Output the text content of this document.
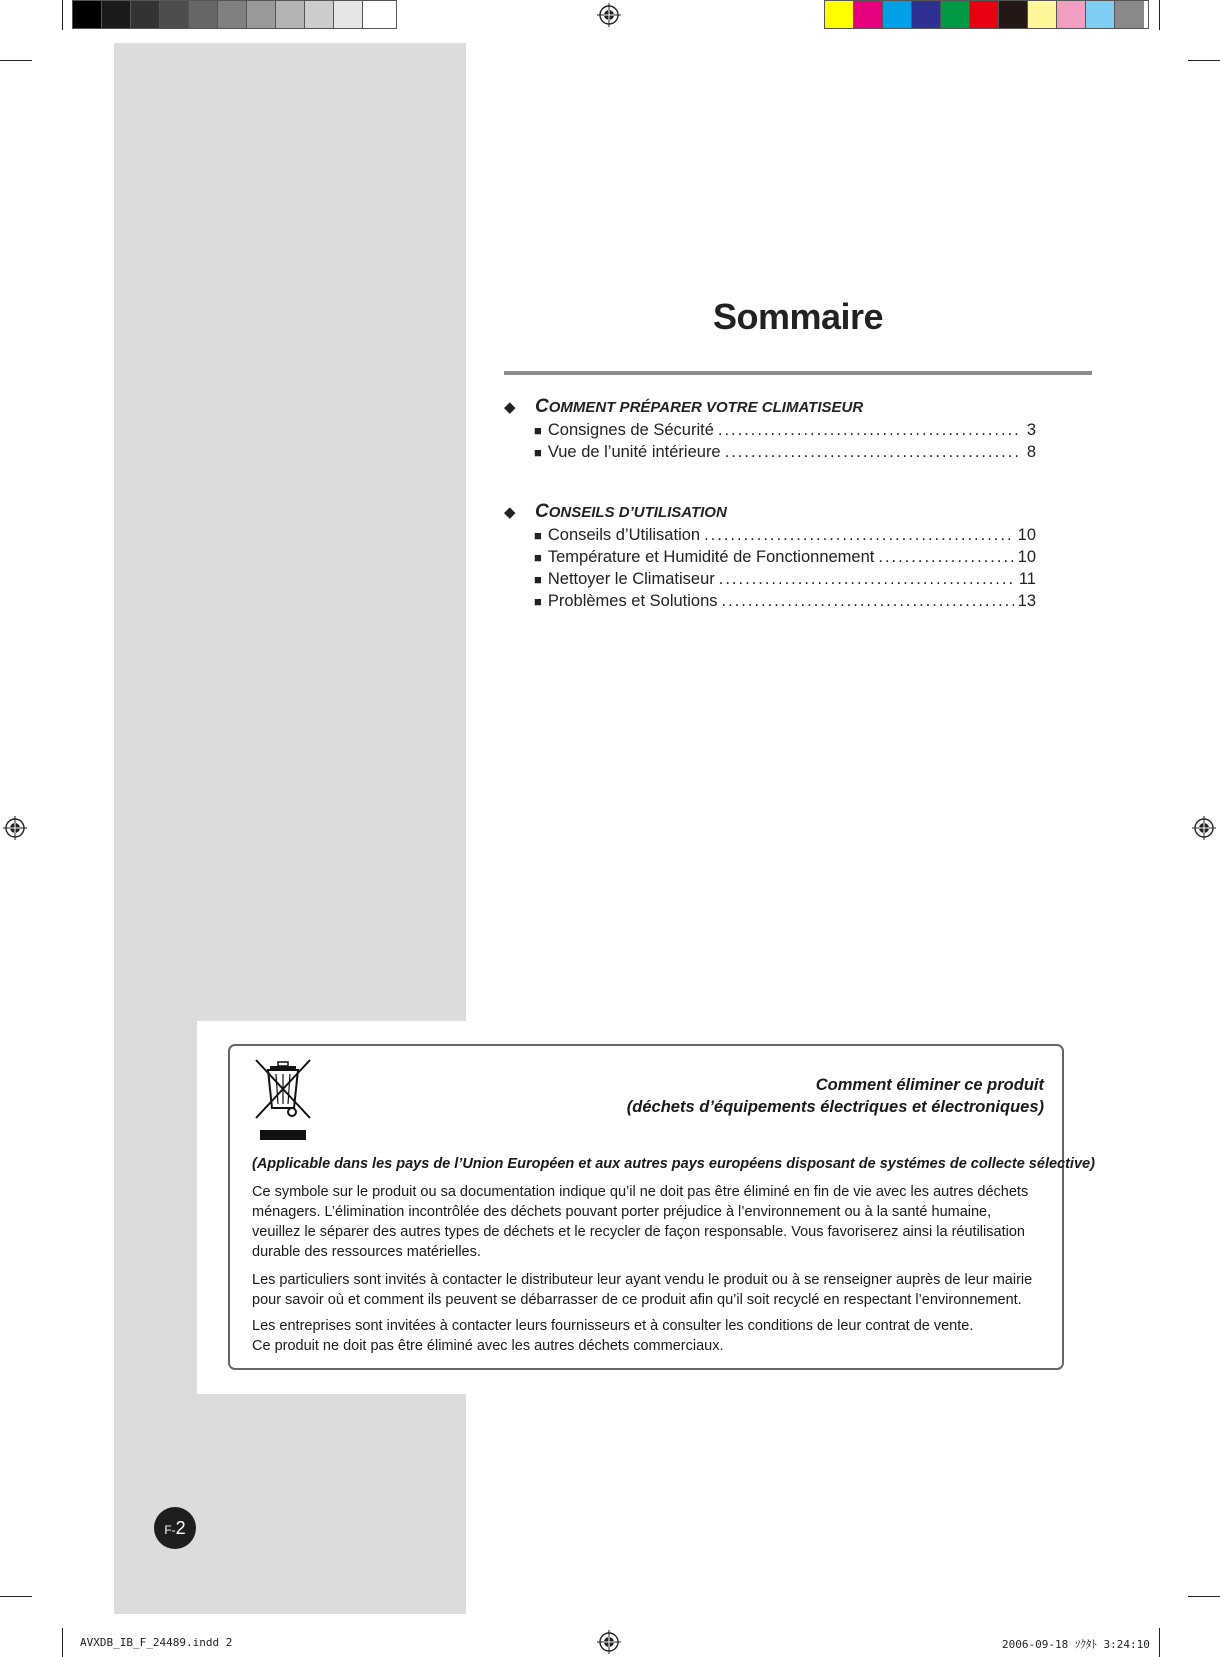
Sommaire
◆ COMMENT PRÉPARER VOTRE CLIMATISEUR
■ Consignes de Sécurité .....	3
■ Vue de l’unité intérieure .....	8
◆ CONSEILS D’UTILISATION
■ Conseils d’Utilisation .....	10
■ Température et Humidité de Fonctionnement .....	10
■ Nettoyer le Climatiseur .....	11
■ Problèmes et Solutions .....	13
Comment éliminer ce produit
(déchets d’équipements électriques et électroniques)
(Applicable dans les pays de l’Union Européen et aux autres pays européens disposant de systémes de collecte sélective)
Ce symbole sur le produit ou sa documentation indique qu’il ne doit pas être éliminé en fin de vie avec les autres déchets ménagers. L’élimination incontrôlée des déchets pouvant porter préjudice à l’environnement ou à la santé humaine, veuillez le séparer des autres types de déchets et le recycler de façon responsable. Vous favoriserez ainsi la réutilisation durable des ressources matérielles.
Les particuliers sont invités à contacter le distributeur leur ayant vendu le produit ou à se renseigner auprès de leur mairie pour savoir où et comment ils peuvent se débarrasser de ce produit afin qu’il soit recyclé en respectant l’environnement.
Les entreprises sont invitées à contacter leurs fournisseurs et à consulter les conditions de leur contrat de vente.
Ce produit ne doit pas être éliminé avec les autres déchets commerciaux.
F-2
AVXDB_IB_F_24489.indd 2	2006-09-18 ｿｸﾀﾄ 3:24:10
